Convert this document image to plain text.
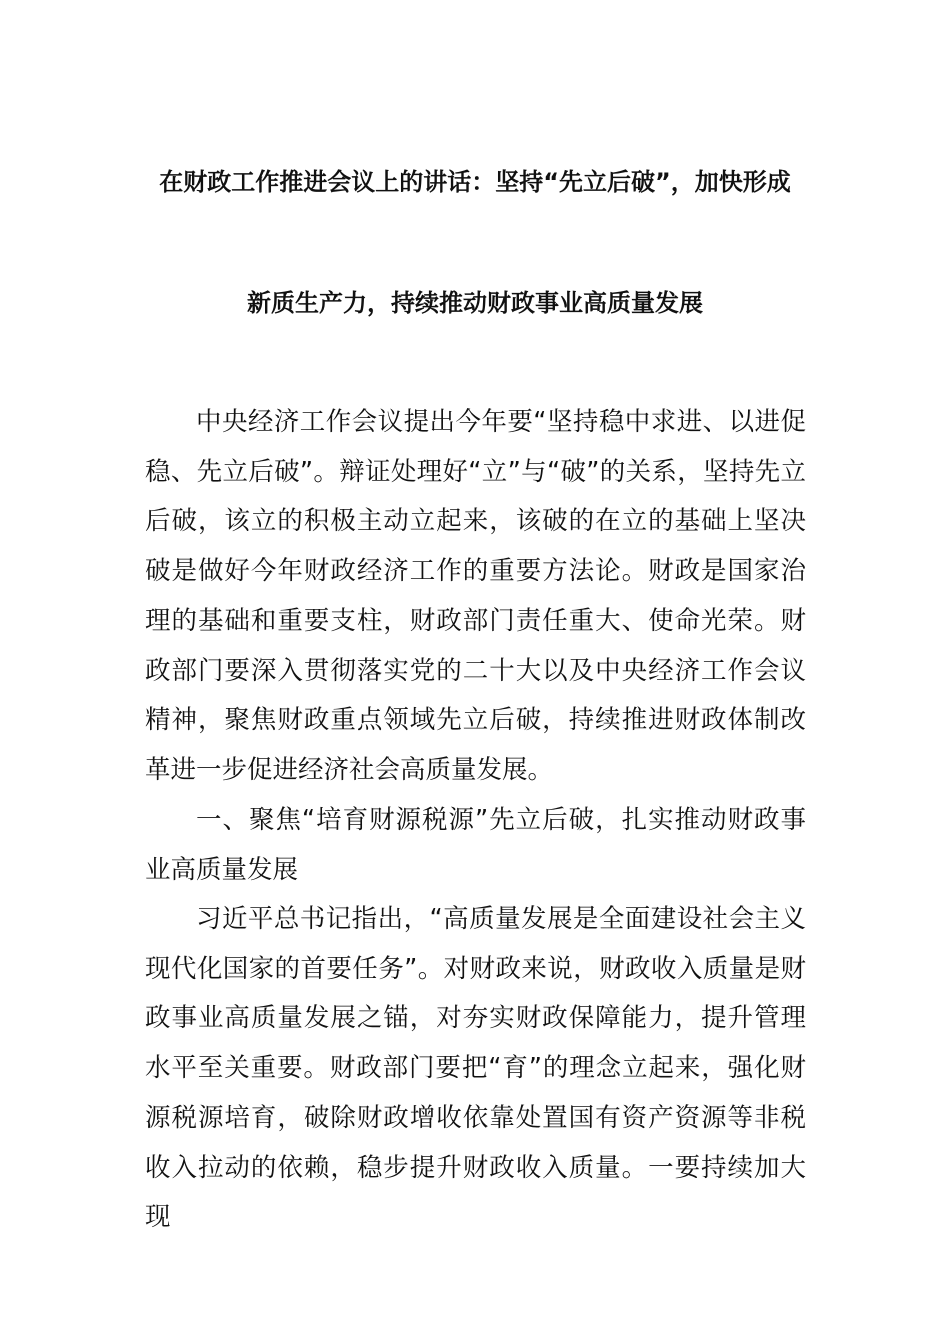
在财政工作推进会议上的讲话：坚持“先立后破”，加快形成
新质生产力，持续推动财政事业高质量发展

中央经济工作会议提出今年要“坚持稳中求进、以进促稳、先立后破”。辩证处理好“立”与“破”的关系，坚持先立后破，该立的积极主动立起来，该破的在立的基础上坚决破是做好今年财政经济工作的重要方法论。财政是国家治理的基础和重要支柱，财政部门责任重大、使命光荣。财政部门要深入贯彻落实党的二十大以及中央经济工作会议精神，聚焦财政重点领域先立后破，持续推进财政体制改革进一步促进经济社会高质量发展。

一、聚焦“培育财源税源”先立后破，扎实推动财政事业高质量发展

习近平总书记指出，“高质量发展是全面建设社会主义现代化国家的首要任务”。对财政来说，财政收入质量是财政事业高质量发展之锚，对夯实财政保障能力，提升管理水平至关重要。财政部门要把“育”的理念立起来，强化财源税源培育，破除财政增收依靠处置国有资产资源等非税收入拉动的依赖，稳步提升财政收入质量。一要持续加大现
